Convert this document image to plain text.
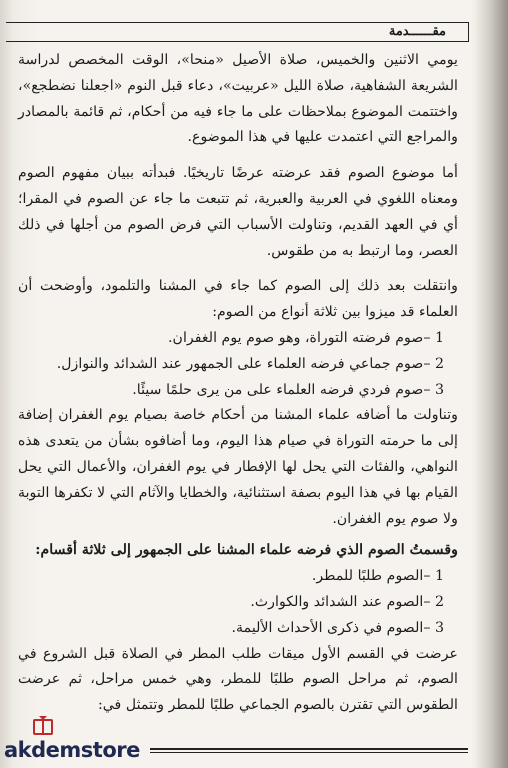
مقــــــدمة

يومي الاثنين والخميس، صلاة الأصيل «منحا»، الوقت المخصص لدراسة الشريعة الشفاهية، صلاة الليل «عربيت»، دعاء قبل النوم «اجعلنا نضطجع»، واختتمت الموضوع بملاحظات على ما جاء فيه من أحكام، ثم قائمة بالمصادر والمراجع التي اعتمدت عليها في هذا الموضوع.

أما موضوع الصوم فقد عرضته عرضًا تاريخيًا. فبدأته ببيان مفهوم الصوم ومعناه اللغوي في العربية والعبرية، ثم تتبعت ما جاء عن الصوم في المقرا؛ أي في العهد القديم، وتناولت الأسباب التي فرض الصوم من أجلها في ذلك العصر، وما ارتبط به من طقوس.

وانتقلت بعد ذلك إلى الصوم كما جاء في المشنا والتلمود، وأوضحت أن العلماء قد ميزوا بين ثلاثة أنواع من الصوم:

1 –صوم فرضته التوراة، وهو صوم يوم الغفران.

2 –صوم جماعي فرضه العلماء على الجمهور عند الشدائد والنوازل.

3 –صوم فردي فرضه العلماء على من يرى حلمًا سيئًا.

وتناولت ما أضافه علماء المشنا من أحكام خاصة بصيام يوم الغفران إضافة إلى ما حرمته التوراة في صيام هذا اليوم، وما أضافوه بشأن من يتعدى هذه النواهي، والفئات التي يحل لها الإفطار في يوم الغفران، والأعمال التي يحل القيام بها في هذا اليوم بصفة استثنائية، والخطايا والآثام التي لا تكفرها التوبة ولا صوم يوم الغفران.

وقسمتُ الصوم الذي فرضه علماء المشنا على الجمهور إلى ثلاثة أقسام:

1 –الصوم طلبًا للمطر.

2 –الصوم عند الشدائد والكوارث.

3 –الصوم في ذكرى الأحداث الأليمة.

عرضت في القسم الأول ميقات طلب المطر في الصلاة قبل الشروع في الصوم، ثم مراحل الصوم طلبًا للمطر، وهي خمس مراحل، ثم عرضت الطقوس التي تقترن بالصوم الجماعي طلبًا للمطر وتتمثل في:

akdemstore
